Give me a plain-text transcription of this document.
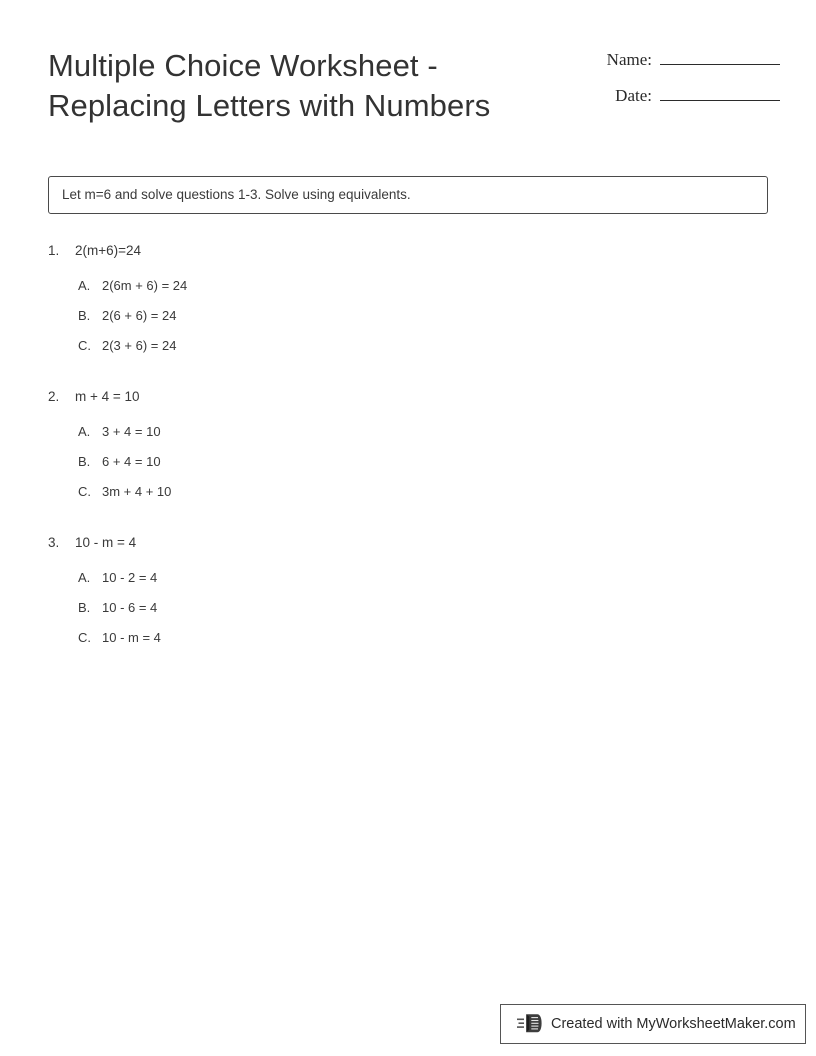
Multiple Choice Worksheet - Replacing Letters with Numbers
Name:
Date:
Let m=6 and solve questions 1-3. Solve using equivalents.
1.	2(m+6)=24
A. 2(6m + 6) = 24
B. 2(6 + 6) = 24
C. 2(3 + 6) = 24
2.	m + 4 = 10
A. 3 + 4 = 10
B. 6 + 4 = 10
C. 3m + 4 + 10
3.	10 - m = 4
A. 10 - 2 = 4
B. 10 - 6 = 4
C. 10 - m = 4
Created with MyWorksheetMaker.com
